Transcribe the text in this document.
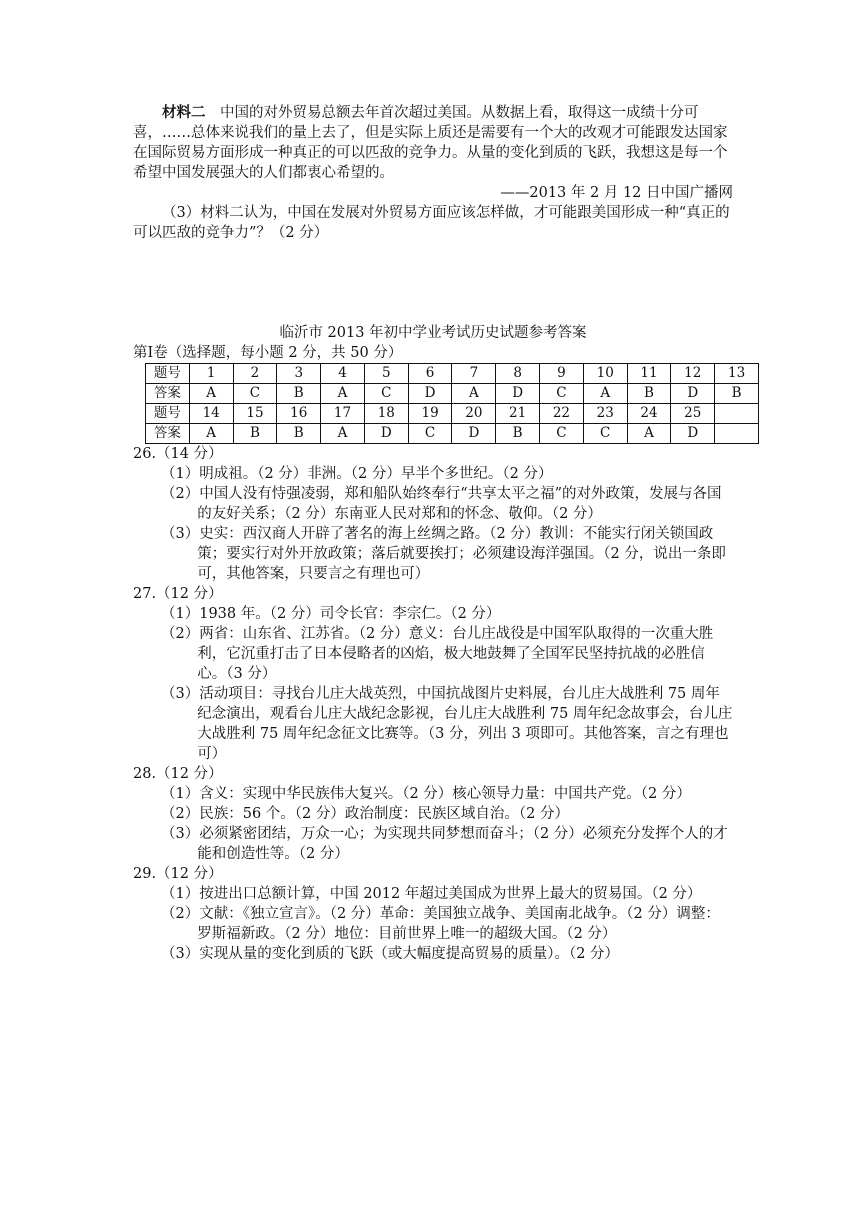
材料二　中国的对外贸易总额去年首次超过美国。从数据上看，取得这一成绩十分可喜，……总体来说我们的量上去了，但是实际上质还是需要有一个大的改观才可能跟发达国家在国际贸易方面形成一种真正的可以匹敌的竞争力。从量的变化到质的飞跃，我想这是每一个希望中国发展强大的人们都衷心希望的。

——2013 年 2 月 12 日中国广播网

（3）材料二认为，中国在发展对外贸易方面应该怎样做，才可能跟美国形成一种“真正的可以匹敌的竞争力”？（2 分）

临沂市 2013 年初中学业考试历史试题参考答案

第Ⅰ卷（选择题，每小题 2 分，共 50 分）

题号	1	2	3	4	5	6	7	8	9	10	11	12	13
答案	A	C	B	A	C	D	A	D	C	A	B	D	B
题号	14	15	16	17	18	19	20	21	22	23	24	25	
答案	A	B	B	A	D	C	D	B	C	C	A	D	

26.（14 分）

（1）明成祖。（2 分）非洲。（2 分）早半个多世纪。（2 分）

（2）中国人没有恃强凌弱，郑和船队始终奉行“共享太平之福”的对外政策，发展与各国的友好关系；（2 分）东南亚人民对郑和的怀念、敬仰。（2 分）

（3）史实：西汉商人开辟了著名的海上丝绸之路。（2 分）教训：不能实行闭关锁国政策；要实行对外开放政策；落后就要挨打；必须建设海洋强国。（2 分，说出一条即可，其他答案，只要言之有理也可）

27.（12 分）

（1）1938 年。（2 分）司令长官：李宗仁。（2 分）

（2）两省：山东省、江苏省。（2 分）意义：台儿庄战役是中国军队取得的一次重大胜利，它沉重打击了日本侵略者的凶焰，极大地鼓舞了全国军民坚持抗战的必胜信心。（3 分）

（3）活动项目：寻找台儿庄大战英烈，中国抗战图片史料展，台儿庄大战胜利 75 周年纪念演出，观看台儿庄大战纪念影视，台儿庄大战胜利 75 周年纪念故事会，台儿庄大战胜利 75 周年纪念征文比赛等。（3 分，列出 3 项即可。其他答案，言之有理也可）

28.（12 分）

（1）含义：实现中华民族伟大复兴。（2 分）核心领导力量：中国共产党。（2 分）

（2）民族：56 个。（2 分）政治制度：民族区域自治。（2 分）

（3）必须紧密团结，万众一心；为实现共同梦想而奋斗；（2 分）必须充分发挥个人的才能和创造性等。（2 分）

29.（12 分）

（1）按进出口总额计算，中国 2012 年超过美国成为世界上最大的贸易国。（2 分）

（2）文献：《独立宣言》。（2 分）革命：美国独立战争、美国南北战争。（2 分）调整：罗斯福新政。（2 分）地位：目前世界上唯一的超级大国。（2 分）

（3）实现从量的变化到质的飞跃（或大幅度提高贸易的质量）。（2 分）
